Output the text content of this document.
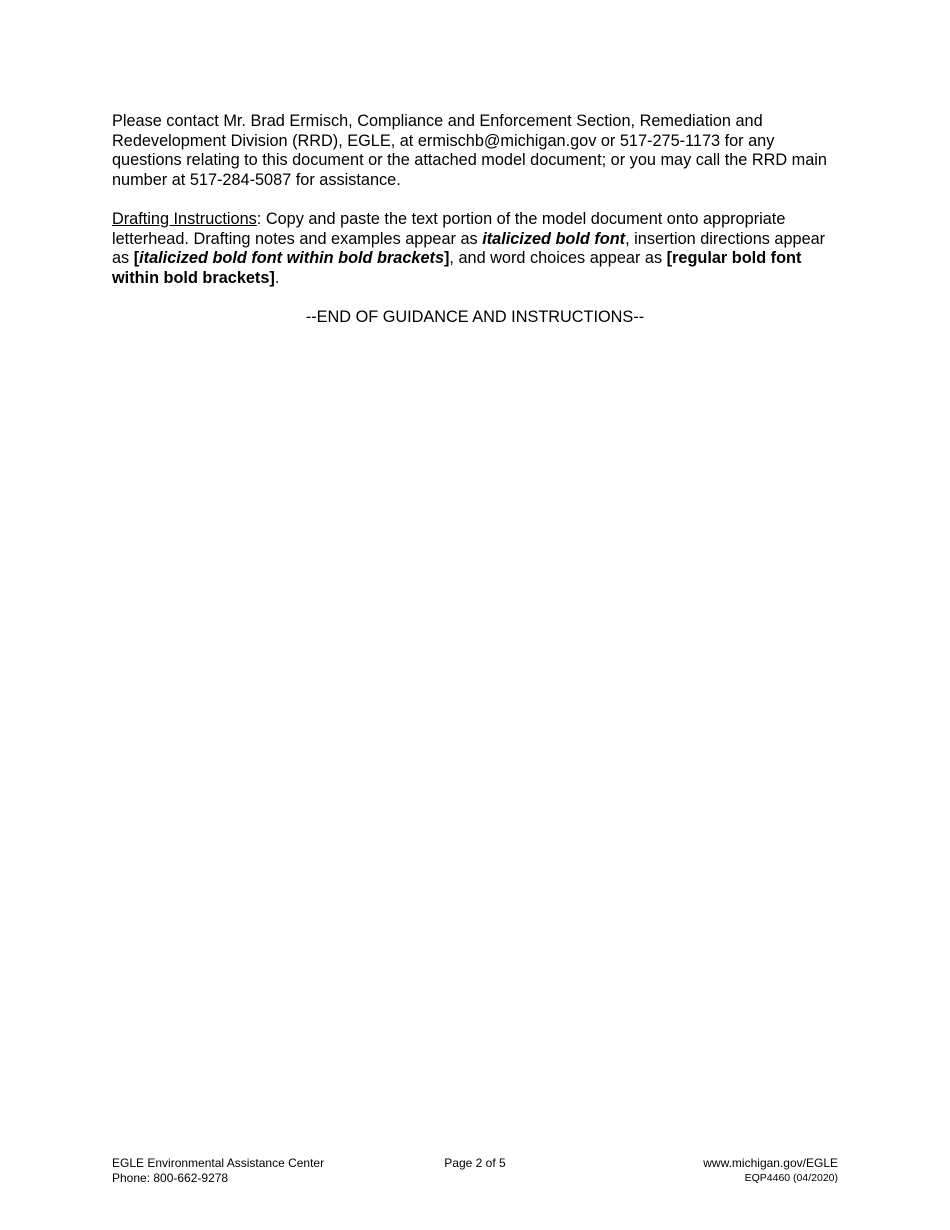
Please contact Mr. Brad Ermisch, Compliance and Enforcement Section, Remediation and Redevelopment Division (RRD), EGLE, at ermischb@michigan.gov or 517-275-1173 for any questions relating to this document or the attached model document; or you may call the RRD main number at 517-284-5087 for assistance.

Drafting Instructions: Copy and paste the text portion of the model document onto appropriate letterhead. Drafting notes and examples appear as italicized bold font, insertion directions appear as [italicized bold font within bold brackets], and word choices appear as [regular bold font within bold brackets].

--END OF GUIDANCE AND INSTRUCTIONS--

EGLE Environmental Assistance Center
Phone: 800-662-9278
Page 2 of 5	www.michigan.gov/EGLE
EQP4460 (04/2020)
